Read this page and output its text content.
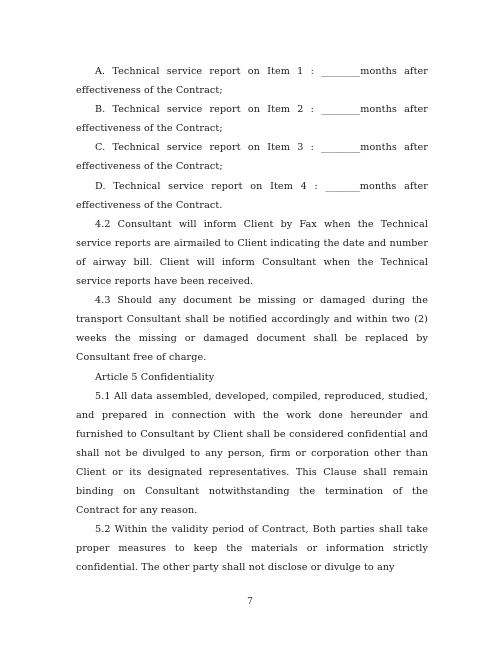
A. Technical service report on Item 1 : ________months after effectiveness of the Contract;

B. Technical service report on Item 2 : ________months after effectiveness of the Contract;

C. Technical service report on Item 3 : ________months after effectiveness of the Contract;

D. Technical service report on Item 4 : _______months after effectiveness of the Contract.

4.2 Consultant will inform Client by Fax when the Technical service reports are airmailed to Client indicating the date and number of airway bill. Client will inform Consultant when the Technical service reports have been received.

4.3 Should any document be missing or damaged during the transport Consultant shall be notified accordingly and within two (2) weeks the missing or damaged document shall be replaced by Consultant free of charge.

Article 5 Confidentiality

5.1 All data assembled, developed, compiled, reproduced, studied, and prepared in connection with the work done hereunder and furnished to Consultant by Client shall be considered confidential and shall not be divulged to any person, firm or corporation other than Client or its designated representatives. This Clause shall remain binding on Consultant notwithstanding the termination of the Contract for any reason.

5.2 Within the validity period of Contract, Both parties shall take proper measures to keep the materials or information strictly confidential. The other party shall not disclose or divulge to any

7
